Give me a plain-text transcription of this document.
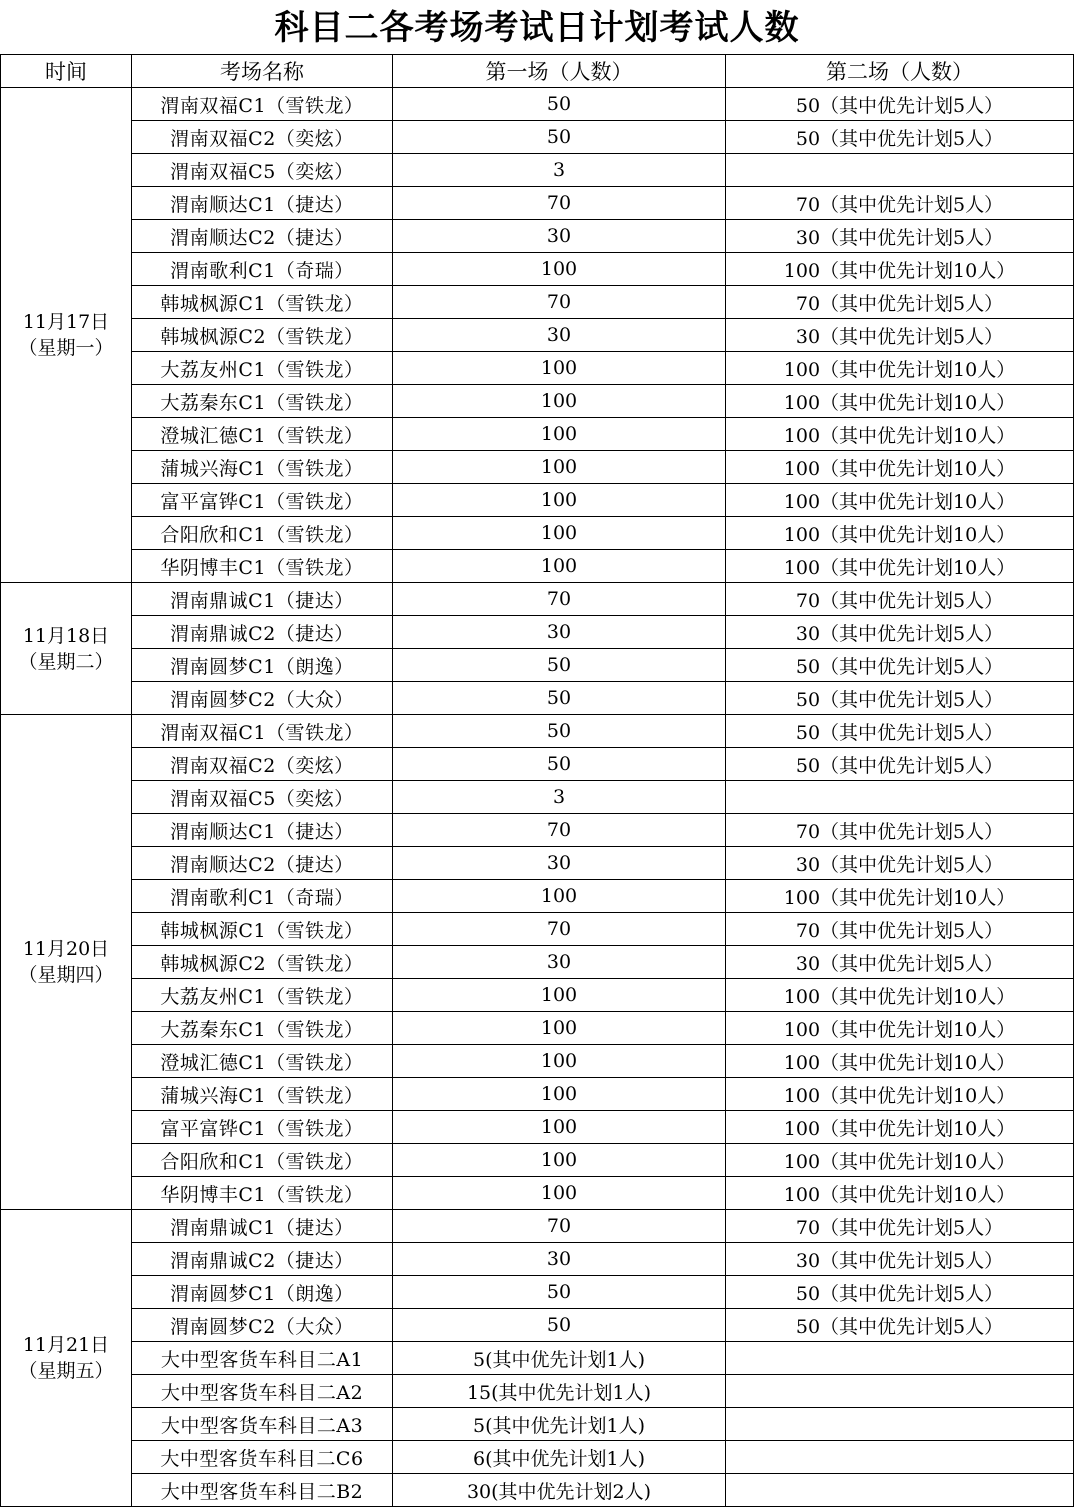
科目二各考场考试日计划考试人数
时间	考场名称	第一场（人数）	第二场（人数）

11月17日
（星期一）	渭南双福C1（雪铁龙）	50	50（其中优先计划5人）
	渭南双福C2（奕炫）	50	50（其中优先计划5人）
	渭南双福C5（奕炫）	3	
	渭南顺达C1（捷达）	70	70（其中优先计划5人）
	渭南顺达C2（捷达）	30	30（其中优先计划5人）
	渭南歌利C1（奇瑞）	100	100（其中优先计划10人）
	韩城枫源C1（雪铁龙）	70	70（其中优先计划5人）
	韩城枫源C2（雪铁龙）	30	30（其中优先计划5人）
	大荔友州C1（雪铁龙）	100	100（其中优先计划10人）
	大荔秦东C1（雪铁龙）	100	100（其中优先计划10人）
	澄城汇德C1（雪铁龙）	100	100（其中优先计划10人）
	蒲城兴海C1（雪铁龙）	100	100（其中优先计划10人）
	富平富铧C1（雪铁龙）	100	100（其中优先计划10人）
	合阳欣和C1（雪铁龙）	100	100（其中优先计划10人）
	华阴博丰C1（雪铁龙）	100	100（其中优先计划10人）

11月18日
（星期二）	渭南鼎诚C1（捷达）	70	70（其中优先计划5人）
	渭南鼎诚C2（捷达）	30	30（其中优先计划5人）
	渭南圆梦C1（朗逸）	50	50（其中优先计划5人）
	渭南圆梦C2（大众）	50	50（其中优先计划5人）

11月20日
（星期四）	渭南双福C1（雪铁龙）	50	50（其中优先计划5人）
	渭南双福C2（奕炫）	50	50（其中优先计划5人）
	渭南双福C5（奕炫）	3	
	渭南顺达C1（捷达）	70	70（其中优先计划5人）
	渭南顺达C2（捷达）	30	30（其中优先计划5人）
	渭南歌利C1（奇瑞）	100	100（其中优先计划10人）
	韩城枫源C1（雪铁龙）	70	70（其中优先计划5人）
	韩城枫源C2（雪铁龙）	30	30（其中优先计划5人）
	大荔友州C1（雪铁龙）	100	100（其中优先计划10人）
	大荔秦东C1（雪铁龙）	100	100（其中优先计划10人）
	澄城汇德C1（雪铁龙）	100	100（其中优先计划10人）
	蒲城兴海C1（雪铁龙）	100	100（其中优先计划10人）
	富平富铧C1（雪铁龙）	100	100（其中优先计划10人）
	合阳欣和C1（雪铁龙）	100	100（其中优先计划10人）
	华阴博丰C1（雪铁龙）	100	100（其中优先计划10人）

11月21日
（星期五）	渭南鼎诚C1（捷达）	70	70（其中优先计划5人）
	渭南鼎诚C2（捷达）	30	30（其中优先计划5人）
	渭南圆梦C1（朗逸）	50	50（其中优先计划5人）
	渭南圆梦C2（大众）	50	50（其中优先计划5人）
	大中型客货车科目二A1	5(其中优先计划1人)	
	大中型客货车科目二A2	15(其中优先计划1人)	
	大中型客货车科目二A3	5(其中优先计划1人)	
	大中型客货车科目二C6	6(其中优先计划1人)	
	大中型客货车科目二B2	30(其中优先计划2人)	
